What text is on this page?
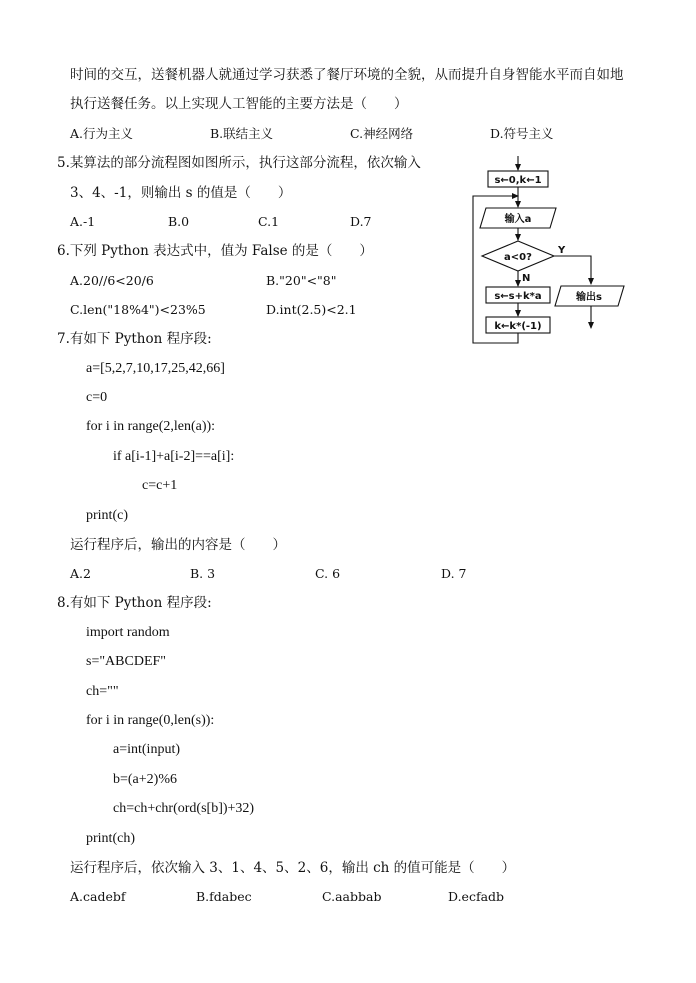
时间的交互，送餐机器人就通过学习获悉了餐厅环境的全貌，从而提升自身智能水平而自如地
执行送餐任务。以上实现人工智能的主要方法是（　　）
A.行为主义	B.联结主义	C.神经网络	D.符号主义
5.某算法的部分流程图如图所示，执行这部分流程，依次输入
3、4、-1，则输出 s 的值是（　　）
A.-1	B.0	C.1	D.7
6.下列 Python 表达式中，值为 False 的是（　　）
A.20//6<20/6	B."20"<"8"
C.len("18%4")<23%5	D.int(2.5)<2.1
7.有如下 Python 程序段:
a=[5,2,7,10,17,25,42,66]
c=0
for i in range(2,len(a)):
if a[i-1]+a[i-2]==a[i]:
c=c+1
print(c)
运行程序后，输出的内容是（　　）
A.2	B. 3	C. 6	D. 7
8.有如下 Python 程序段:
import random
s="ABCDEF"
ch=""
for i in range(0,len(s)):
a=int(input)
b=(a+2)%6
ch=ch+chr(ord(s[b])+32)
print(ch)
运行程序后，依次输入 3、1、4、5、2、6，输出 ch 的值可能是（　　）
A.cadebf	B.fdabec	C.aabbab	D.ecfadb
s←0,k←1
输入a
a<0?
Y
N
s←s+k*a
k←k*(-1)
输出s
